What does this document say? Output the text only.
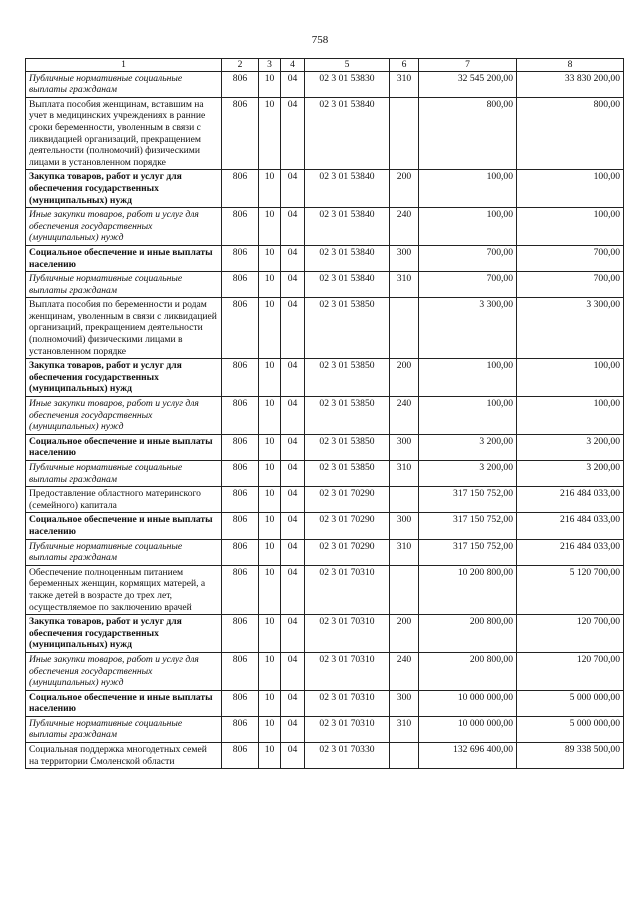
758
1	2	3	4	5	6	7	8
Публичные нормативные социальные выплаты гражданам	806	10	04	02 3 01 53830	310	32 545 200,00	33 830 200,00
Выплата пособия женщинам, вставшим на учет в медицинских учреждениях в ранние сроки беременности, уволенным в связи с ликвидацией организаций, прекращением деятельности (полномочий) физическими лицами в установленном порядке	806	10	04	02 3 01 53840		800,00	800,00
Закупка товаров, работ и услуг для обеспечения государственных (муниципальных) нужд	806	10	04	02 3 01 53840	200	100,00	100,00
Иные закупки товаров, работ и услуг для обеспечения государственных (муниципальных) нужд	806	10	04	02 3 01 53840	240	100,00	100,00
Социальное обеспечение и иные выплаты населению	806	10	04	02 3 01 53840	300	700,00	700,00
Публичные нормативные социальные выплаты гражданам	806	10	04	02 3 01 53840	310	700,00	700,00
Выплата пособия по беременности и родам женщинам, уволенным в связи с ликвидацией организаций, прекращением деятельности (полномочий) физическими лицами в установленном порядке	806	10	04	02 3 01 53850		3 300,00	3 300,00
Закупка товаров, работ и услуг для обеспечения государственных (муниципальных) нужд	806	10	04	02 3 01 53850	200	100,00	100,00
Иные закупки товаров, работ и услуг для обеспечения государственных (муниципальных) нужд	806	10	04	02 3 01 53850	240	100,00	100,00
Социальное обеспечение и иные выплаты населению	806	10	04	02 3 01 53850	300	3 200,00	3 200,00
Публичные нормативные социальные выплаты гражданам	806	10	04	02 3 01 53850	310	3 200,00	3 200,00
Предоставление областного материнского (семейного) капитала	806	10	04	02 3 01 70290		317 150 752,00	216 484 033,00
Социальное обеспечение и иные выплаты населению	806	10	04	02 3 01 70290	300	317 150 752,00	216 484 033,00
Публичные нормативные социальные выплаты гражданам	806	10	04	02 3 01 70290	310	317 150 752,00	216 484 033,00
Обеспечение полноценным питанием беременных женщин, кормящих матерей, а также детей в возрасте до трех лет, осуществляемое по заключению врачей	806	10	04	02 3 01 70310		10 200 800,00	5 120 700,00
Закупка товаров, работ и услуг для обеспечения государственных (муниципальных) нужд	806	10	04	02 3 01 70310	200	200 800,00	120 700,00
Иные закупки товаров, работ и услуг для обеспечения государственных (муниципальных) нужд	806	10	04	02 3 01 70310	240	200 800,00	120 700,00
Социальное обеспечение и иные выплаты населению	806	10	04	02 3 01 70310	300	10 000 000,00	5 000 000,00
Публичные нормативные социальные выплаты гражданам	806	10	04	02 3 01 70310	310	10 000 000,00	5 000 000,00
Социальная поддержка многодетных семей на территории Смоленской области	806	10	04	02 3 01 70330		132 696 400,00	89 338 500,00
